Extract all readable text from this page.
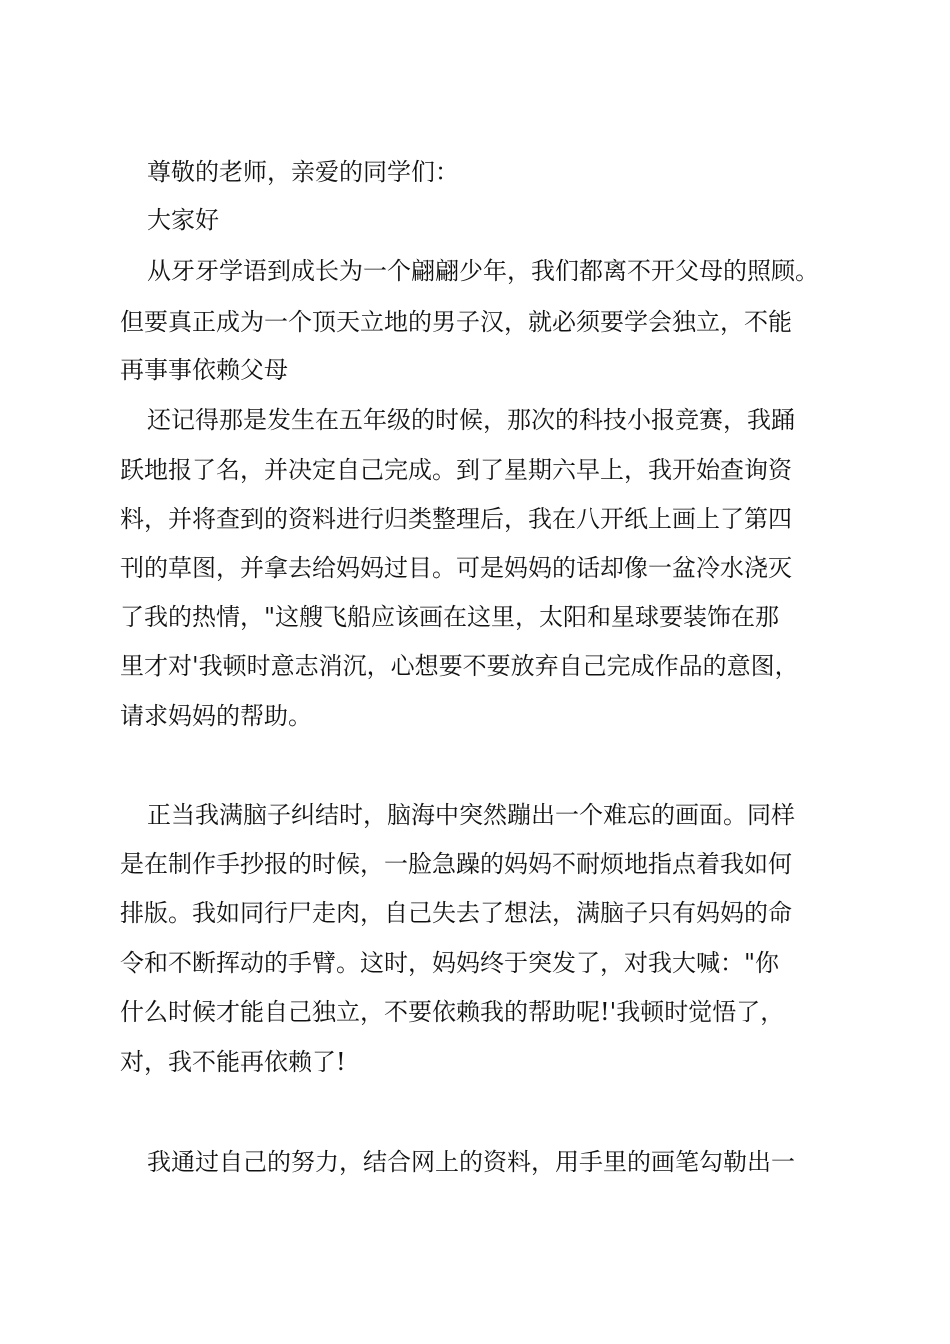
尊敬的老师，亲爱的同学们：

大家好

从牙牙学语到成长为一个翩翩少年，我们都离不开父母的照顾。

但要真正成为一个顶天立地的男子汉，就必须要学会独立，不能

再事事依赖父母

还记得那是发生在五年级的时候，那次的科技小报竞赛，我踊

跃地报了名，并决定自己完成。到了星期六早上，我开始查询资

料，并将查到的资料进行归类整理后，我在八开纸上画上了第四

刊的草图，并拿去给妈妈过目。可是妈妈的话却像一盆冷水浇灭

了我的热情，"这艘飞船应该画在这里，太阳和星球要装饰在那

里才对'我顿时意志消沉，心想要不要放弃自己完成作品的意图，

请求妈妈的帮助。

正当我满脑子纠结时，脑海中突然蹦出一个难忘的画面。同样

是在制作手抄报的时候，一脸急躁的妈妈不耐烦地指点着我如何

排版。我如同行尸走肉，自己失去了想法，满脑子只有妈妈的命

令和不断挥动的手臂。这时，妈妈终于突发了，对我大喊："你

什么时候才能自己独立，不要依赖我的帮助呢!'我顿时觉悟了，

对，我不能再依赖了!

我通过自己的努力，结合网上的资料，用手里的画笔勾勒出一
